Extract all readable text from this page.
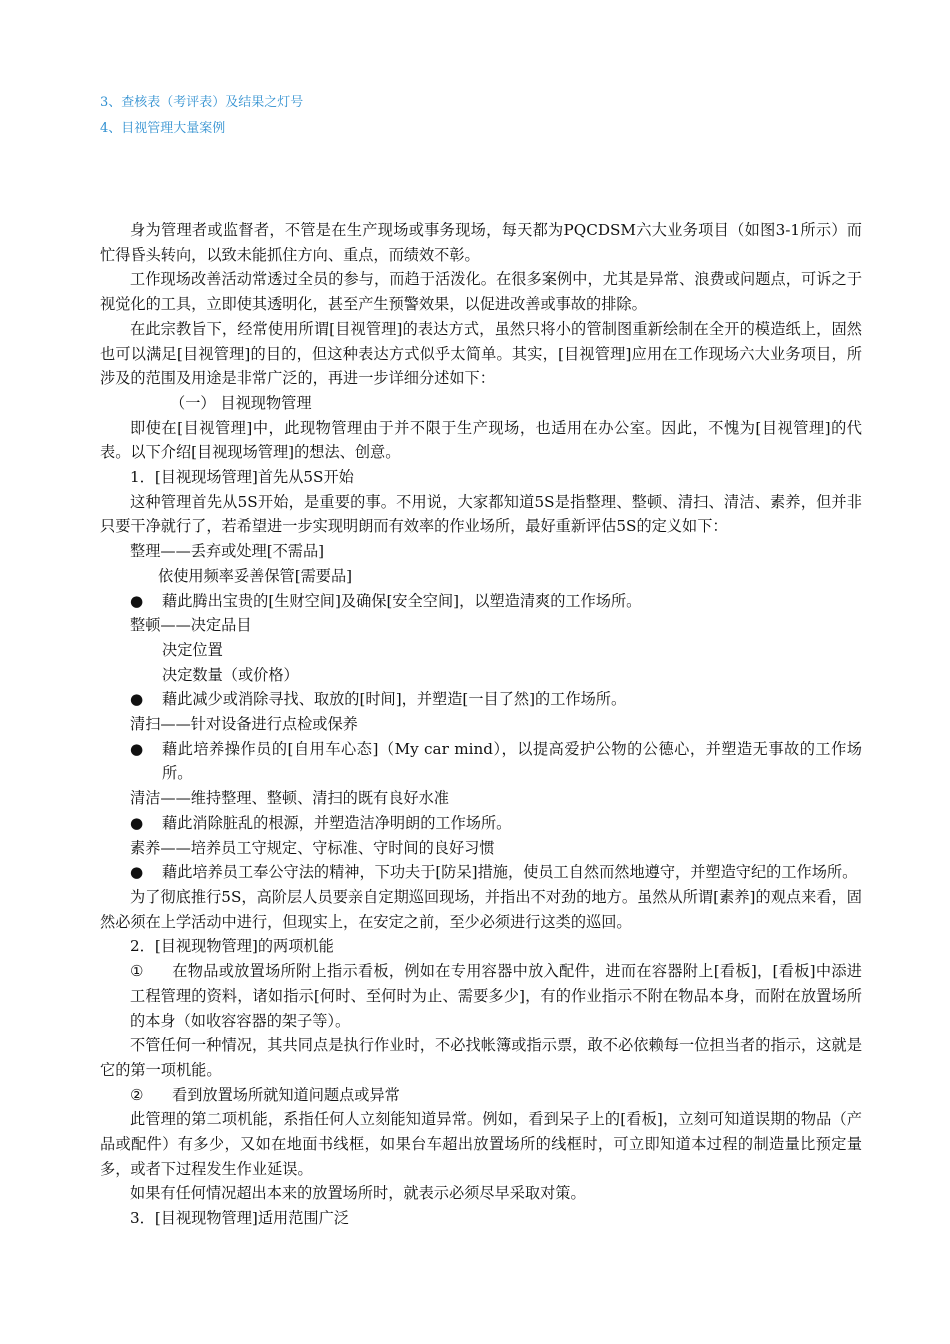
3、查核表（考评表）及结果之灯号
4、目视管理大量案例

身为管理者或监督者，不管是在生产现场或事务现场，每天都为PQCDSM六大业务项目（如图3-1所示）而忙得昏头转向，以致未能抓住方向、重点，而绩效不彰。

工作现场改善活动常透过全员的参与，而趋于活泼化。在很多案例中，尤其是异常、浪费或问题点，可诉之于视觉化的工具，立即使其透明化，甚至产生预警效果，以促进改善或事故的排除。

在此宗教旨下，经常使用所谓[目视管理]的表达方式，虽然只将小的管制图重新绘制在全开的模造纸上，固然也可以满足[目视管理]的目的，但这种表达方式似乎太简单。其实，[目视管理]应用在工作现场六大业务项目，所涉及的范围及用途是非常广泛的，再进一步详细分述如下：

（一） 目视现物管理

即使在[目视管理]中，此现物管理由于并不限于生产现场，也适用在办公室。因此，不愧为[目视管理]的代表。以下介绍[目视现场管理]的想法、创意。

1．[目视现场管理]首先从5S开始

这种管理首先从5S开始，是重要的事。不用说，大家都知道5S是指整理、整顿、清扫、清洁、素养，但并非只要干净就行了，若希望进一步实现明朗而有效率的作业场所，最好重新评估5S的定义如下：

整理——丢弃或处理[不需品]

依使用频率妥善保管[需要品]

● 藉此腾出宝贵的[生财空间]及确保[安全空间]，以塑造清爽的工作场所。

整顿——决定品目

决定位置

决定数量（或价格）

● 藉此减少或消除寻找、取放的[时间]，并塑造[一目了然]的工作场所。

清扫——针对设备进行点检或保养

● 藉此培养操作员的[自用车心态]（My car mind），以提高爱护公物的公德心，并塑造无事故的工作场所。

清洁——维持整理、整顿、清扫的既有良好水准

● 藉此消除脏乱的根源，并塑造洁净明朗的工作场所。

素养——培养员工守规定、守标准、守时间的良好习惯

● 藉此培养员工奉公守法的精神，下功夫于[防呆]措施，使员工自然而然地遵守，并塑造守纪的工作场所。

为了彻底推行5S，高阶层人员要亲自定期巡回现场，并指出不对劲的地方。虽然从所谓[素养]的观点来看，固然必须在上学活动中进行，但现实上，在安定之前，至少必须进行这类的巡回。

2．[目视现物管理]的两项机能

① 在物品或放置场所附上指示看板，例如在专用容器中放入配件，进而在容器附上[看板]，[看板]中添进工程管理的资料，诸如指示[何时、至何时为止、需要多少]，有的作业指示不附在物品本身，而附在放置场所的本身（如收容容器的架子等）。

不管任何一种情况，其共同点是执行作业时，不必找帐簿或指示票，敢不必依赖每一位担当者的指示，这就是它的第一项机能。

② 看到放置场所就知道问题点或异常

此管理的第二项机能，系指任何人立刻能知道异常。例如，看到呆子上的[看板]，立刻可知道误期的物品（产品或配件）有多少，又如在地面书线框，如果台车超出放置场所的线框时，可立即知道本过程的制造量比预定量多，或者下过程发生作业延误。

如果有任何情况超出本来的放置场所时，就表示必须尽早采取对策。

3．[目视现物管理]适用范围广泛
